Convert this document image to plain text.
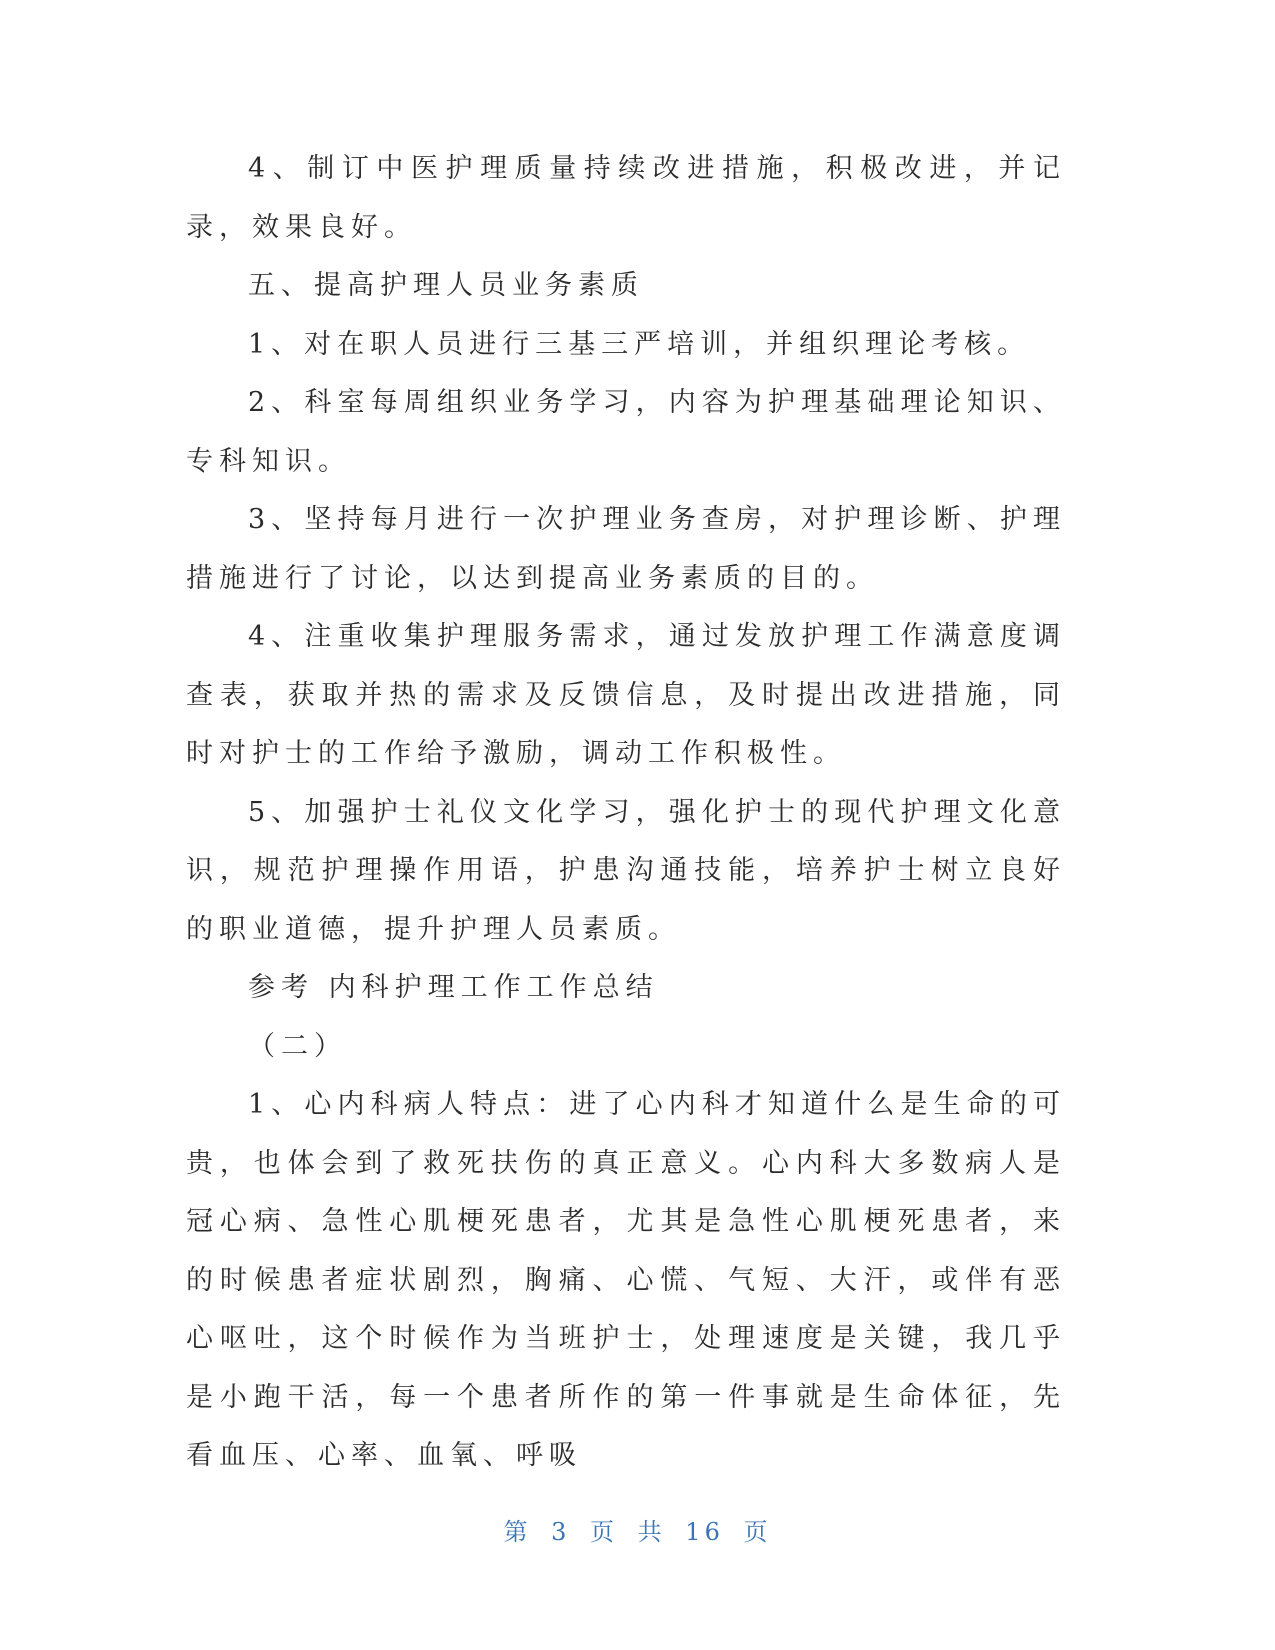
4、制订中医护理质量持续改进措施，积极改进，并记录，效果良好。

五、提高护理人员业务素质

1、对在职人员进行三基三严培训，并组织理论考核。

2、科室每周组织业务学习，内容为护理基础理论知识、专科知识。

3、坚持每月进行一次护理业务查房，对护理诊断、护理措施进行了讨论，以达到提高业务素质的目的。

4、注重收集护理服务需求，通过发放护理工作满意度调查表，获取并热的需求及反馈信息，及时提出改进措施，同时对护士的工作给予激励，调动工作积极性。

5、加强护士礼仪文化学习，强化护士的现代护理文化意识，规范护理操作用语，护患沟通技能，培养护士树立良好的职业道德，提升护理人员素质。

参考 内科护理工作工作总结

（二）

1、心内科病人特点：进了心内科才知道什么是生命的可贵，也体会到了救死扶伤的真正意义。心内科大多数病人是冠心病、急性心肌梗死患者，尤其是急性心肌梗死患者，来的时候患者症状剧烈，胸痛、心慌、气短、大汗，或伴有恶心呕吐，这个时候作为当班护士，处理速度是关键，我几乎是小跑干活，每一个患者所作的第一件事就是生命体征，先看血压、心率、血氧、呼吸

第 3 页 共 16 页
